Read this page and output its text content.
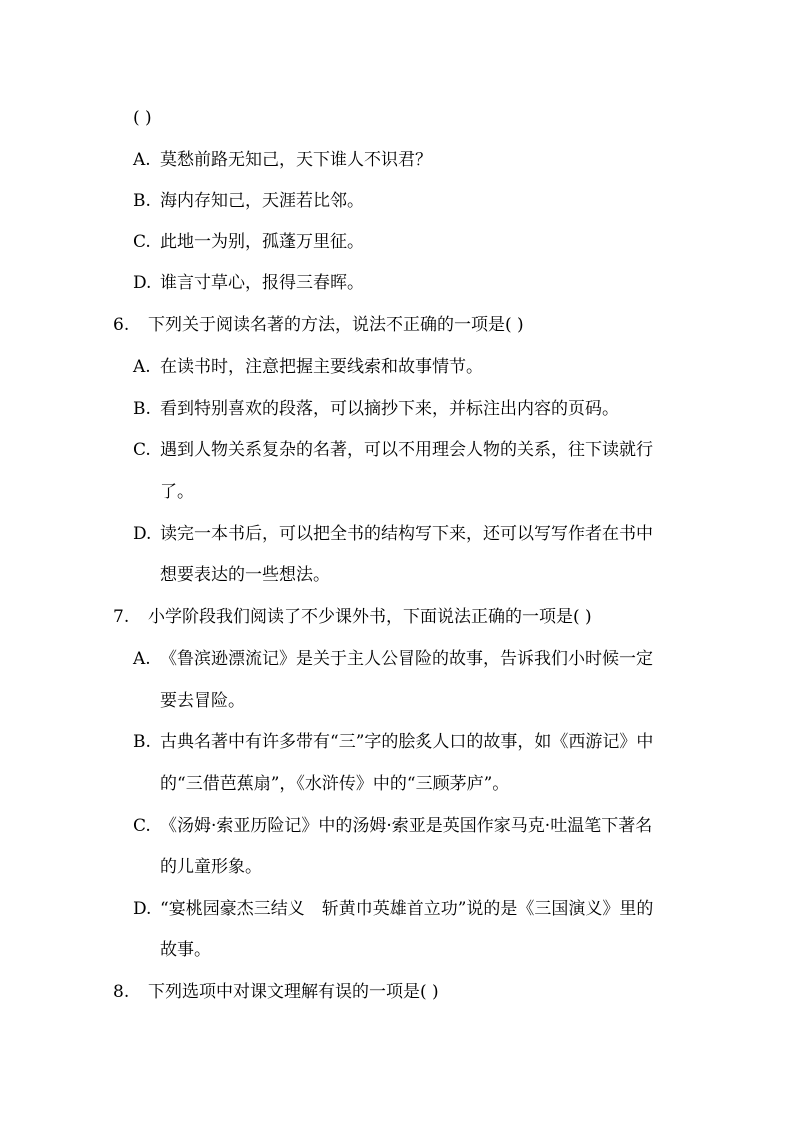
( )
A. 莫愁前路无知己，天下谁人不识君？
B. 海内存知己，天涯若比邻。
C. 此地一为别，孤蓬万里征。
D. 谁言寸草心，报得三春晖。
6. 下列关于阅读名著的方法，说法不正确的一项是( )
A. 在读书时，注意把握主要线索和故事情节。
B. 看到特别喜欢的段落，可以摘抄下来，并标注出内容的页码。
C. 遇到人物关系复杂的名著，可以不用理会人物的关系，往下读就行
了。
D. 读完一本书后，可以把全书的结构写下来，还可以写写作者在书中
想要表达的一些想法。
7. 小学阶段我们阅读了不少课外书，下面说法正确的一项是( )
A. 《鲁滨逊漂流记》是关于主人公冒险的故事，告诉我们小时候一定
要去冒险。
B. 古典名著中有许多带有“三”字的脍炙人口的故事，如《西游记》中
的“三借芭蕉扇”，《水浒传》中的“三顾茅庐”。
C. 《汤姆·索亚历险记》中的汤姆·索亚是英国作家马克·吐温笔下著名
的儿童形象。
D. “宴桃园豪杰三结义　斩黄巾英雄首立功”说的是《三国演义》里的
故事。
8. 下列选项中对课文理解有误的一项是( )
